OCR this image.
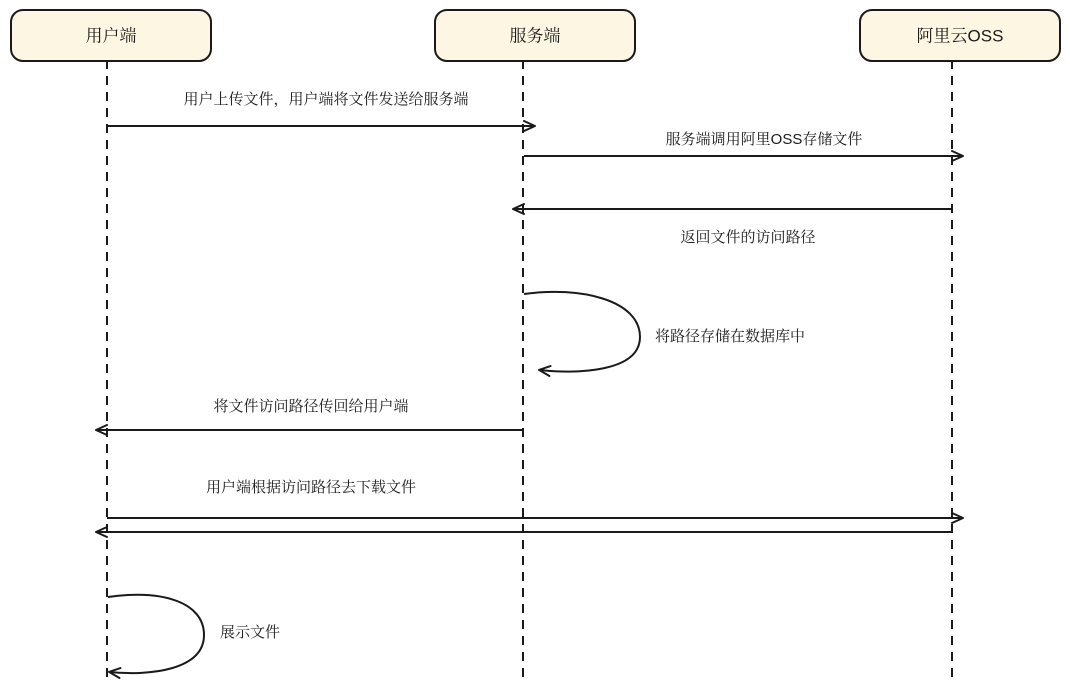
用户端	服务端	阿里云OSS
用户上传文件，用户端将文件发送给服务端
服务端调用阿里OSS存储文件
返回文件的访问路径
将路径存储在数据库中
将文件访问路径传回给用户端
用户端根据访问路径去下载文件
展示文件
